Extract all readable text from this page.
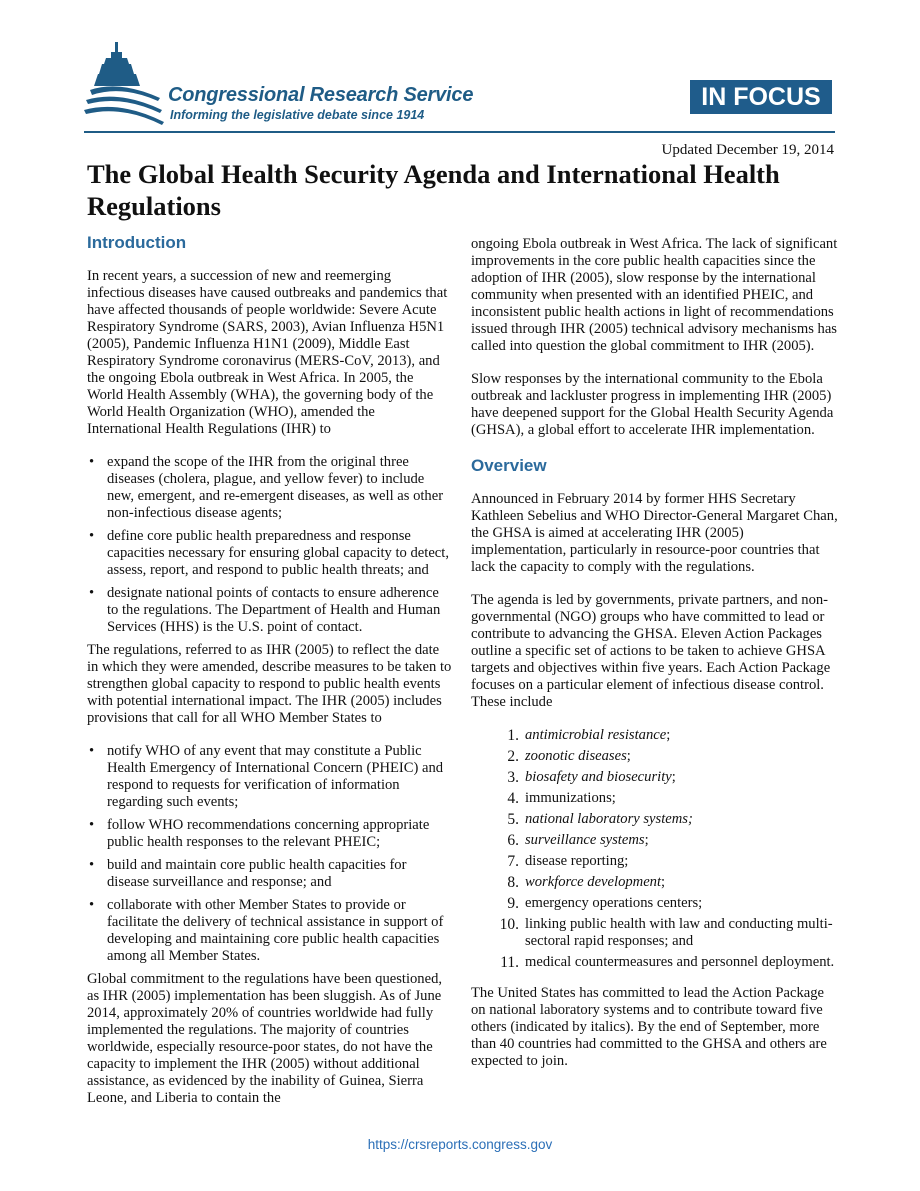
Congressional Research Service
Informing the legislative debate since 1914
IN FOCUS
Updated December 19, 2014
The Global Health Security Agenda and International Health Regulations
Introduction

In recent years, a succession of new and reemerging infectious diseases have caused outbreaks and pandemics that have affected thousands of people worldwide: Severe Acute Respiratory Syndrome (SARS, 2003), Avian Influenza H5N1 (2005), Pandemic Influenza H1N1 (2009), Middle East Respiratory Syndrome coronavirus (MERS-CoV, 2013), and the ongoing Ebola outbreak in West Africa. In 2005, the World Health Assembly (WHA), the governing body of the World Health Organization (WHO), amended the International Health Regulations (IHR) to

• expand the scope of the IHR from the original three diseases (cholera, plague, and yellow fever) to include new, emergent, and re-emergent diseases, as well as other non-infectious disease agents;
• define core public health preparedness and response capacities necessary for ensuring global capacity to detect, assess, report, and respond to public health threats; and
• designate national points of contacts to ensure adherence to the regulations. The Department of Health and Human Services (HHS) is the U.S. point of contact.

The regulations, referred to as IHR (2005) to reflect the date in which they were amended, describe measures to be taken to strengthen global capacity to respond to public health events with potential international impact. The IHR (2005) includes provisions that call for all WHO Member States to

• notify WHO of any event that may constitute a Public Health Emergency of International Concern (PHEIC) and respond to requests for verification of information regarding such events;
• follow WHO recommendations concerning appropriate public health responses to the relevant PHEIC;
• build and maintain core public health capacities for disease surveillance and response; and
• collaborate with other Member States to provide or facilitate the delivery of technical assistance in support of developing and maintaining core public health capacities among all Member States.

Global commitment to the regulations have been questioned, as IHR (2005) implementation has been sluggish. As of June 2014, approximately 20% of countries worldwide had fully implemented the regulations. The majority of countries worldwide, especially resource-poor states, do not have the capacity to implement the IHR (2005) without additional assistance, as evidenced by the inability of Guinea, Sierra Leone, and Liberia to contain the

ongoing Ebola outbreak in West Africa. The lack of significant improvements in the core public health capacities since the adoption of IHR (2005), slow response by the international community when presented with an identified PHEIC, and inconsistent public health actions in light of recommendations issued through IHR (2005) technical advisory mechanisms has called into question the global commitment to IHR (2005).

Slow responses by the international community to the Ebola outbreak and lackluster progress in implementing IHR (2005) have deepened support for the Global Health Security Agenda (GHSA), a global effort to accelerate IHR implementation.

Overview

Announced in February 2014 by former HHS Secretary Kathleen Sebelius and WHO Director-General Margaret Chan, the GHSA is aimed at accelerating IHR (2005) implementation, particularly in resource-poor countries that lack the capacity to comply with the regulations.

The agenda is led by governments, private partners, and non-governmental (NGO) groups who have committed to lead or contribute to advancing the GHSA. Eleven Action Packages outline a specific set of actions to be taken to achieve GHSA targets and objectives within five years. Each Action Package focuses on a particular element of infectious disease control. These include

1. antimicrobial resistance;
2. zoonotic diseases;
3. biosafety and biosecurity;
4. immunizations;
5. national laboratory systems;
6. surveillance systems;
7. disease reporting;
8. workforce development;
9. emergency operations centers;
10. linking public health with law and conducting multi-sectoral rapid responses; and
11. medical countermeasures and personnel deployment.

The United States has committed to lead the Action Package on national laboratory systems and to contribute toward five others (indicated by italics). By the end of September, more than 40 countries had committed to the GHSA and others are expected to join.

https://crsreports.congress.gov
